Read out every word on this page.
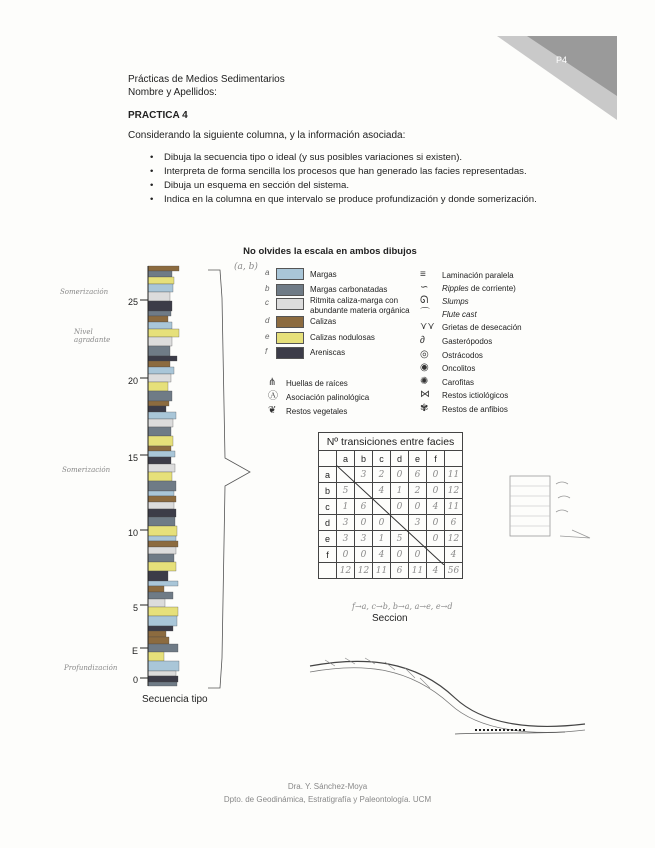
P4
Prácticas de Medios Sedimentarios
Nombre y Apellidos:
PRACTICA 4
Considerando la siguiente columna, y la información asociada:
• Dibuja la secuencia tipo o ideal (y sus posibles variaciones si existen).
• Interpreta de forma sencilla los procesos que han generado las facies representadas.
• Dibuja un esquema en sección del sistema.
• Indica en la columna en que intervalo se produce profundización y donde somerización.
No olvides la escala en ambos dibujos
25
20
15
10
5
E
0
Secuencia tipo
Somerización
Nivel agradante
Somerización
Profundización
(a, b)
a	Margas
b	Margas carbonatadas
c	Ritmita caliza-marga con abundante materia orgánica
d	Calizas
e	Calizas nodulosas
f	Areniscas
⋔ Huellas de raíces
Ⓐ Asociación palinológica
❦ Restos vegetales
≡ Laminación paralela
∽ Ripples de corriente)
ᘏ Slumps
⌒ Flute cast
⋎⋎ Grietas de desecación
∂ Gasterópodos
◎ Ostrácodos
◉ Oncolitos
✺ Carofitas
⋈ Restos ictiológicos
✾ Restos de anfibios
Nº transiciones entre facies							
	a	b	c	d	e	f	
a		3	2	0	6	0	11
b	5		4	1	2	0	12
c	1	6		0	0	4	11
d	3	0	0		3	0	6
e	3	3	1	5		0	12
f	0	0	4	0	0		4
	12	12	11	6	11	4	56
f→a, c→b, b→a, a→e, e→d
Seccion
Dra. Y. Sánchez-Moya
Dpto. de Geodinámica, Estratigrafía y Paleontología. UCM
